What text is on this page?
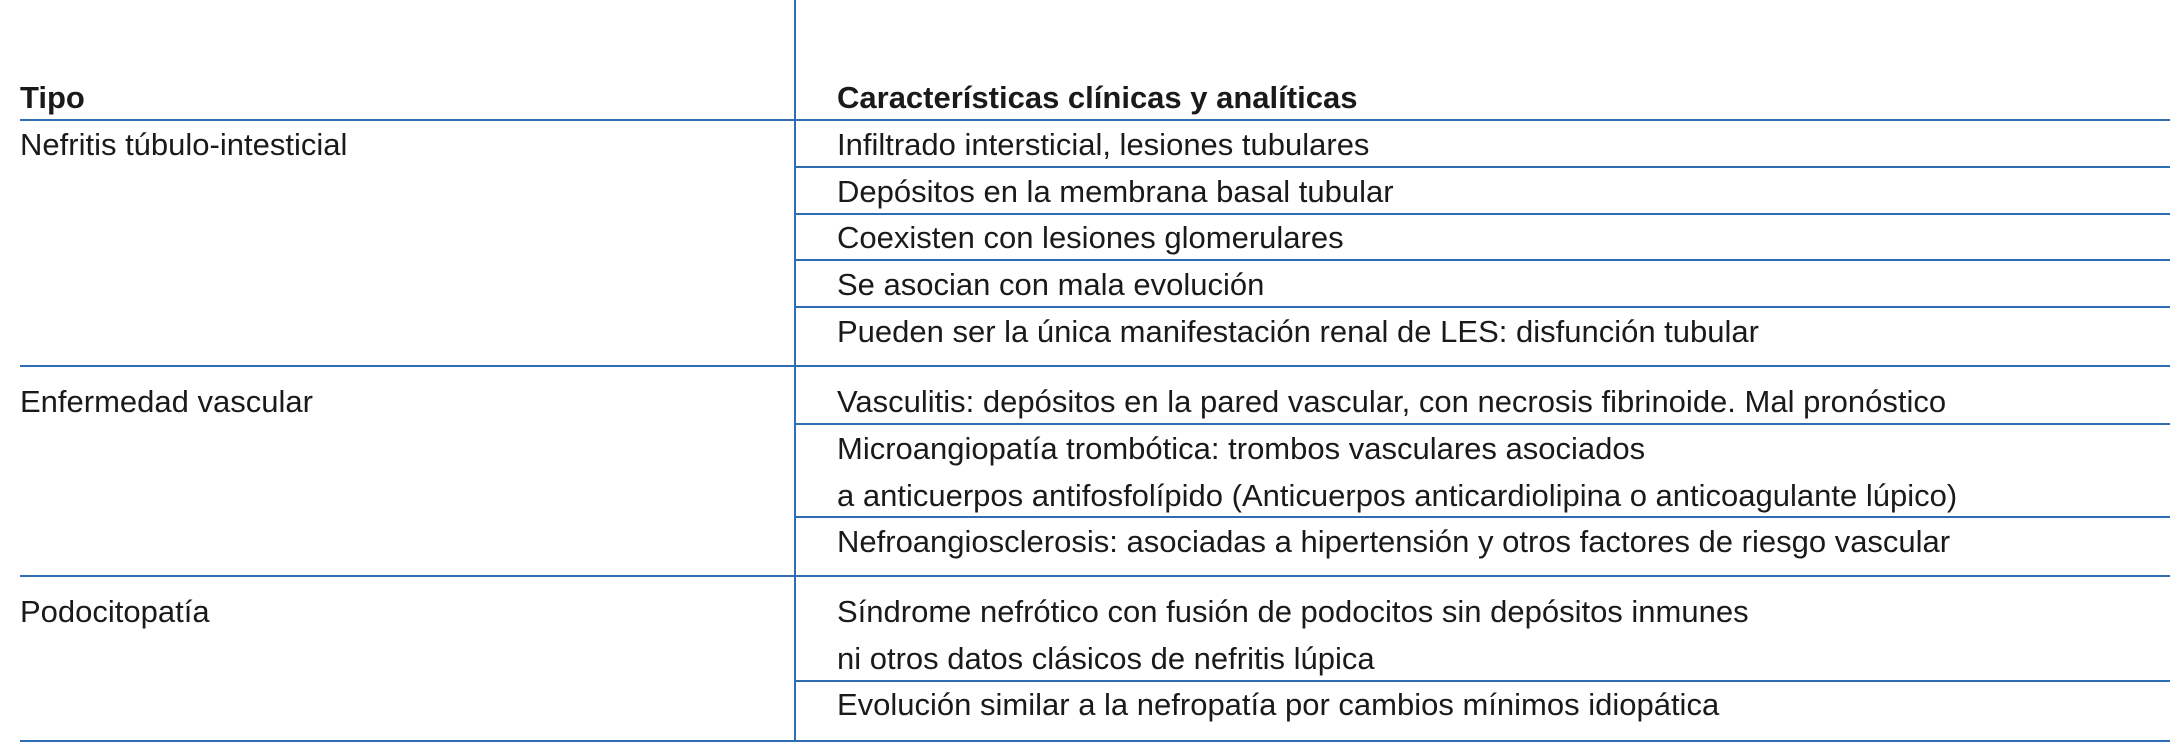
Tipo	Características clínicas y analíticas
Nefritis túbulo-intesticial	Infiltrado intersticial, lesiones tubulares
Depósitos en la membrana basal tubular
Coexisten con lesiones glomerulares
Se asocian con mala evolución
Pueden ser la única manifestación renal de LES: disfunción tubular
Enfermedad vascular	Vasculitis: depósitos en la pared vascular, con necrosis fibrinoide. Mal pronóstico
Microangiopatía trombótica: trombos vasculares asociados
a anticuerpos antifosfolípido (Anticuerpos anticardiolipina o anticoagulante lúpico)
Nefroangiosclerosis: asociadas a hipertensión y otros factores de riesgo vascular
Podocitopatía	Síndrome nefrótico con fusión de podocitos sin depósitos inmunes
ni otros datos clásicos de nefritis lúpica
Evolución similar a la nefropatía por cambios mínimos idiopática
